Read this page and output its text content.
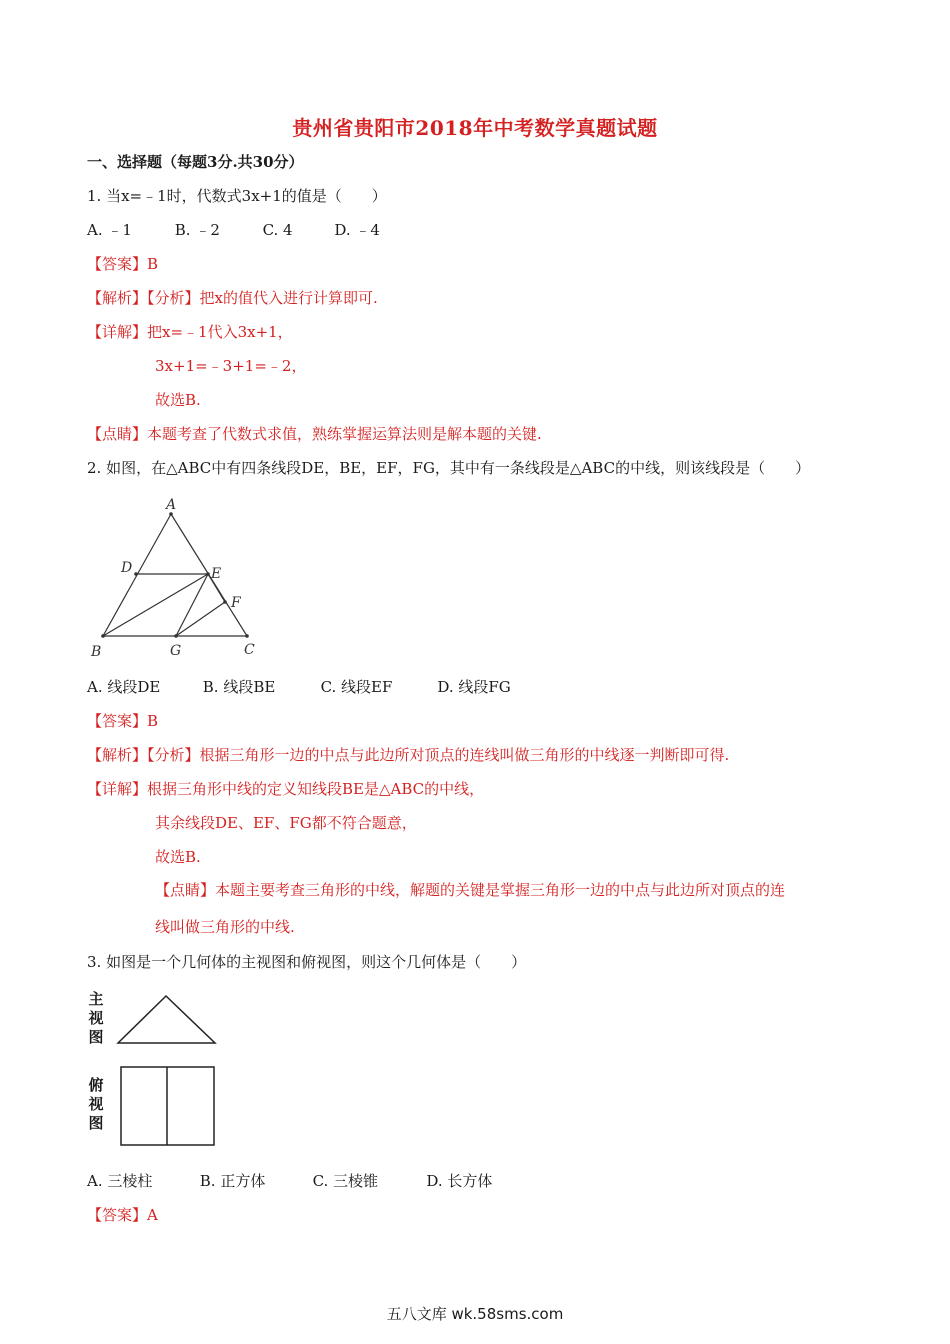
贵州省贵阳市2018年中考数学真题试题
一、选择题（每题3分.共30分）
1. 当x=﹣1时，代数式3x+1的值是（　　）
A. ﹣1	B. ﹣2	C. 4	D. ﹣4
【答案】B
【解析】【分析】把x的值代入进行计算即可.
【详解】把x=﹣1代入3x+1，
3x+1=﹣3+1=﹣2，
故选B.
【点睛】本题考查了代数式求值，熟练掌握运算法则是解本题的关键.
2. 如图，在△ABC中有四条线段DE，BE，EF，FG，其中有一条线段是△ABC的中线，则该线段是（　　）
A
D	E
F
B	G	C
A. 线段DE	B. 线段BE	C. 线段EF	D. 线段FG
【答案】B
【解析】【分析】根据三角形一边的中点与此边所对顶点的连线叫做三角形的中线逐一判断即可得.
【详解】根据三角形中线的定义知线段BE是△ABC的中线，
其余线段DE、EF、FG都不符合题意，
故选B.
【点睛】本题主要考查三角形的中线，解题的关键是掌握三角形一边的中点与此边所对顶点的连
线叫做三角形的中线.
3. 如图是一个几何体的主视图和俯视图，则这个几何体是（　　）
主
视
图
俯
视
图
A. 三棱柱	B. 正方体	C. 三棱锥	D. 长方体
【答案】A
五八文库 wk.58sms.com
